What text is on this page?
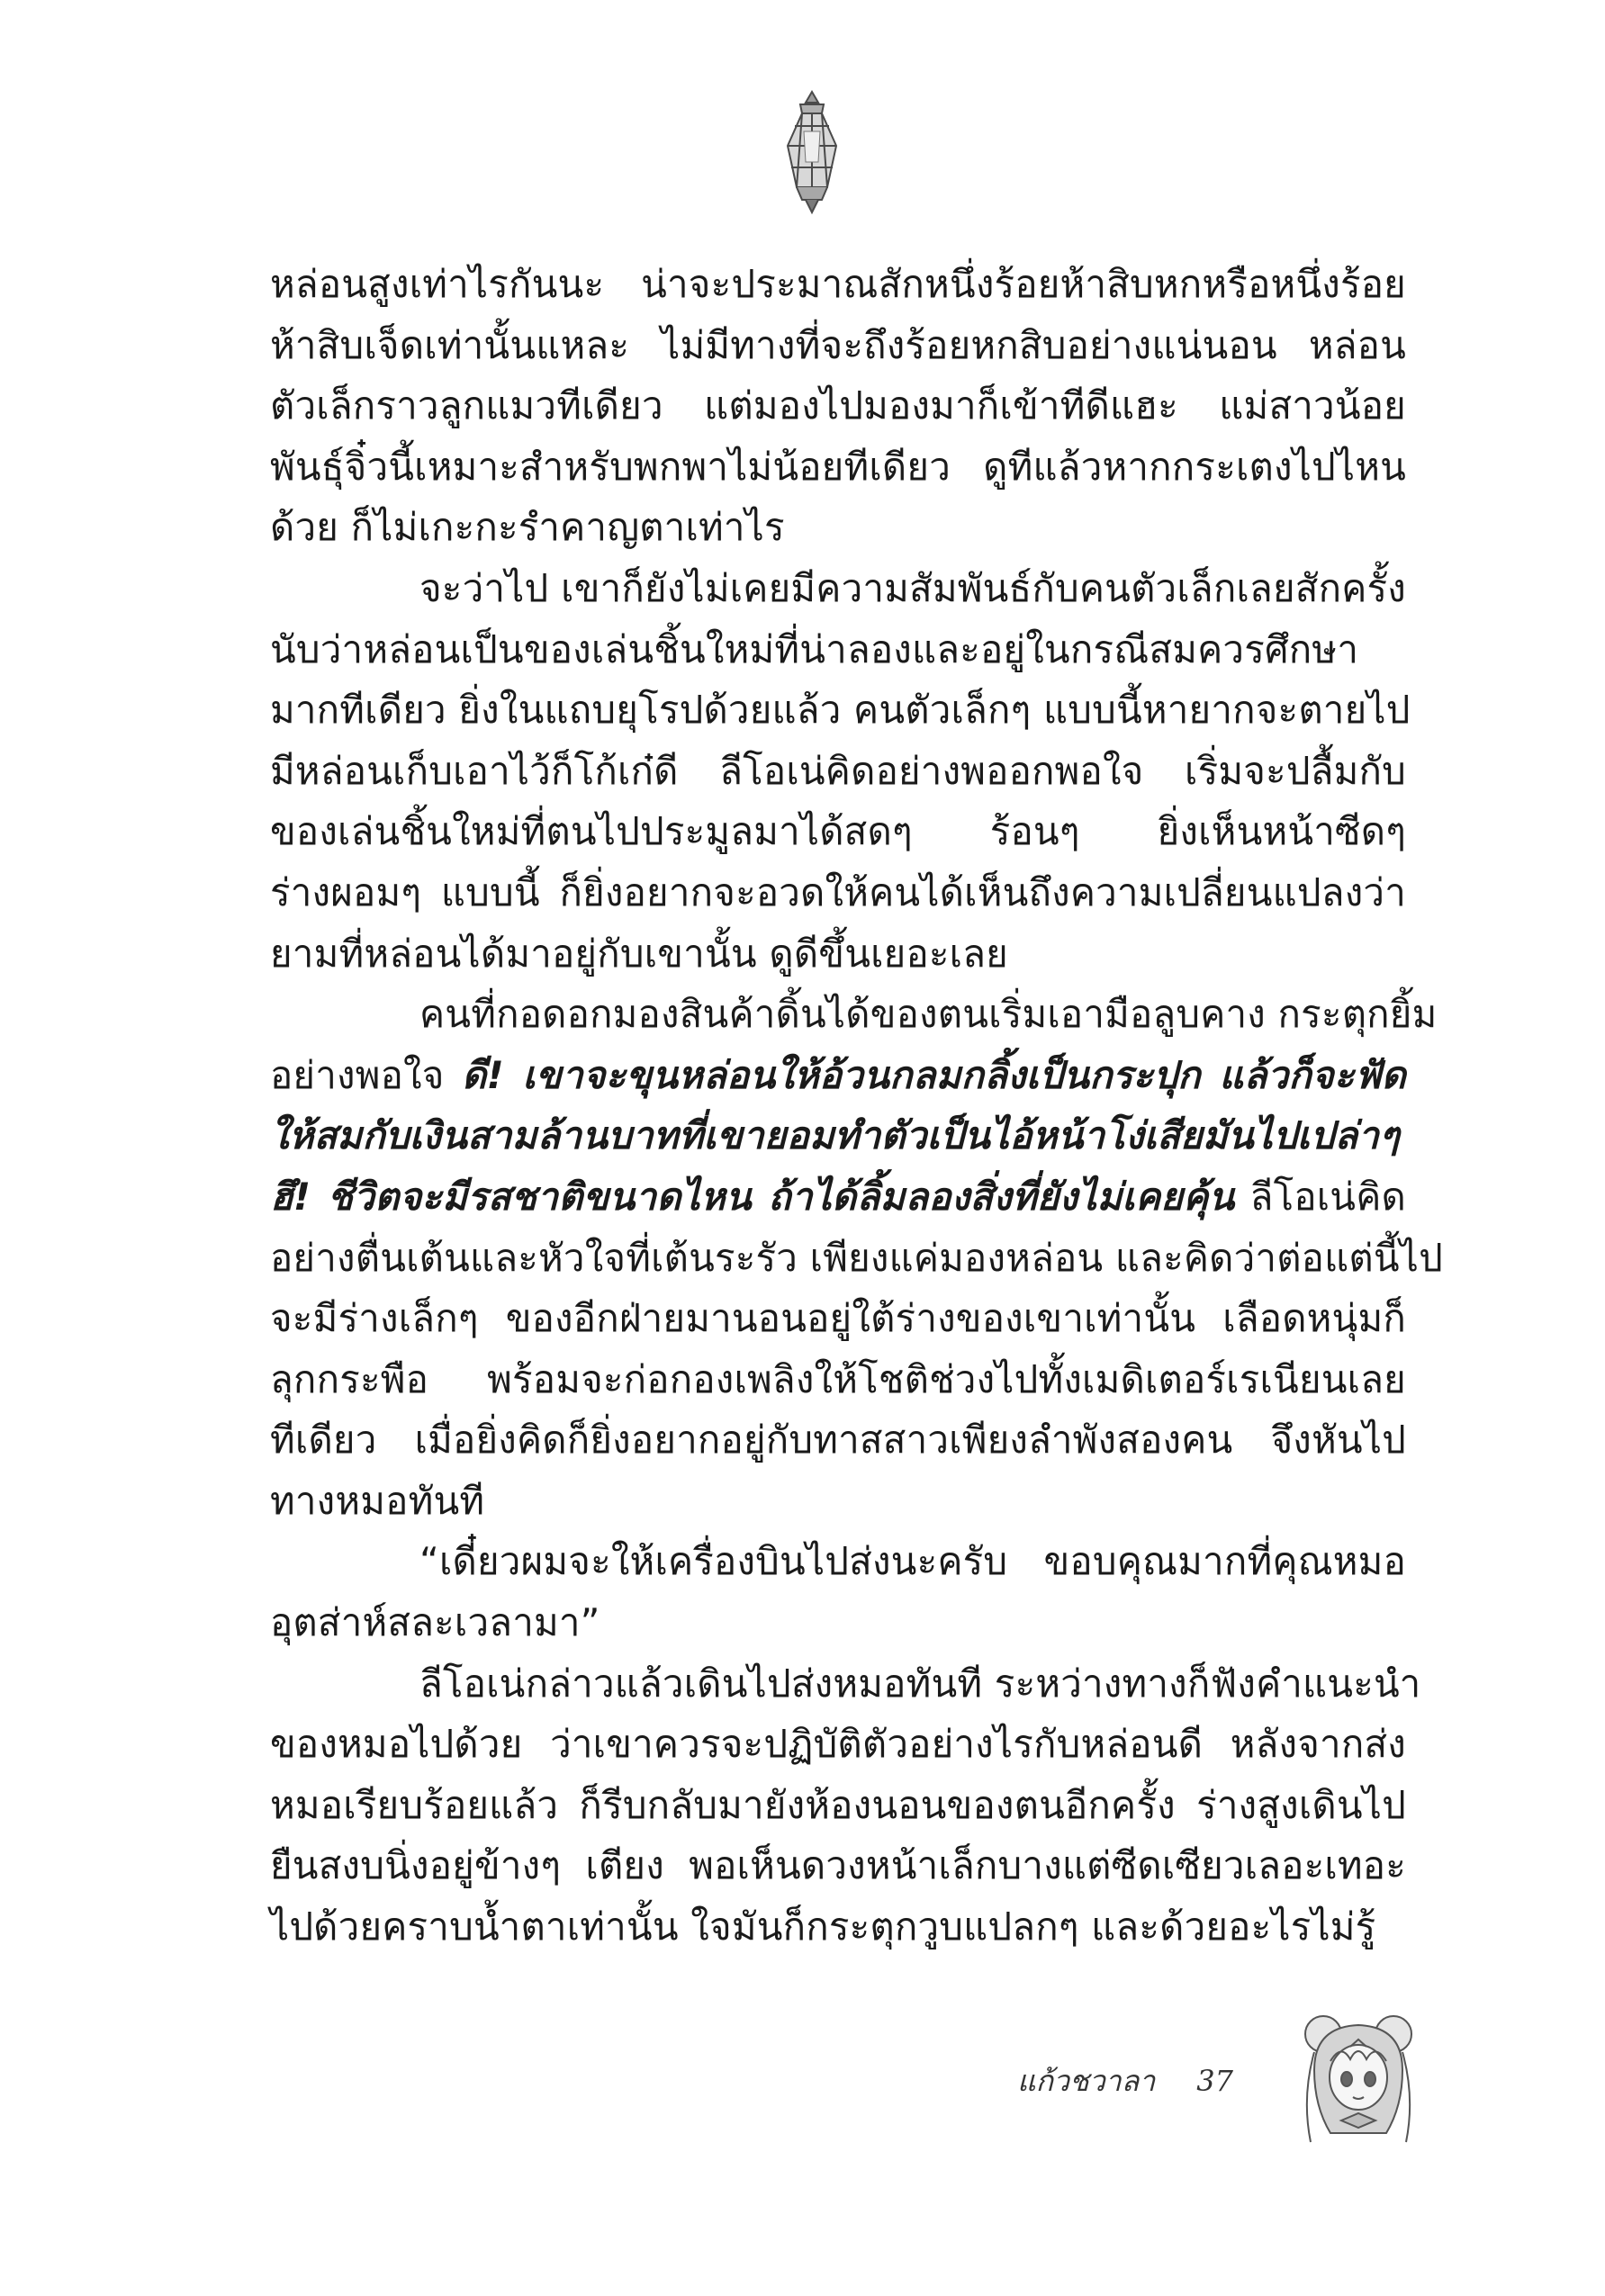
หล่อนสูงเท่าไรกันนะ น่าจะประมาณสักหนึ่งร้อยห้าสิบหกหรือหนึ่งร้อย
ห้าสิบเจ็ดเท่านั้นแหละ ไม่มีทางที่จะถึงร้อยหกสิบอย่างแน่นอน หล่อน
ตัวเล็กราวลูกแมวทีเดียว แต่มองไปมองมาก็เข้าทีดีแฮะ แม่สาวน้อย
พันธุ์จิ๋วนี้เหมาะสำหรับพกพาไม่น้อยทีเดียว ดูทีแล้วหากกระเตงไปไหน
ด้วย ก็ไม่เกะกะรำคาญตาเท่าไร
จะว่าไป เขาก็ยังไม่เคยมีความสัมพันธ์กับคนตัวเล็กเลยสักครั้ง
นับว่าหล่อนเป็นของเล่นชิ้นใหม่ที่น่าลองและอยู่ในกรณีสมควรศึกษา
มากทีเดียว ยิ่งในแถบยุโรปด้วยแล้ว คนตัวเล็กๆ แบบนี้หายากจะตายไป
มีหล่อนเก็บเอาไว้ก็โก้เก๋ดี ลีโอเน่คิดอย่างพออกพอใจ เริ่มจะปลื้มกับ
ของเล่นชิ้นใหม่ที่ตนไปประมูลมาได้สดๆ ร้อนๆ ยิ่งเห็นหน้าซีดๆ
ร่างผอมๆ แบบนี้ ก็ยิ่งอยากจะอวดให้คนได้เห็นถึงความเปลี่ยนแปลงว่า
ยามที่หล่อนได้มาอยู่กับเขานั้น ดูดีขึ้นเยอะเลย
คนที่กอดอกมองสินค้าดิ้นได้ของตนเริ่มเอามือลูบคาง กระตุกยิ้ม
อย่างพอใจ ดี! เขาจะขุนหล่อนให้อ้วนกลมกลิ้งเป็นกระปุก แล้วก็จะฟัด
ให้สมกับเงินสามล้านบาทที่เขายอมทำตัวเป็นไอ้หน้าโง่เสียมันไปเปล่าๆ
ฮึ! ชีวิตจะมีรสชาติขนาดไหน ถ้าได้ลิ้มลองสิ่งที่ยังไม่เคยคุ้น ลีโอเน่คิด
อย่างตื่นเต้นและหัวใจที่เต้นระรัว เพียงแค่มองหล่อน และคิดว่าต่อแต่นี้ไป
จะมีร่างเล็กๆ ของอีกฝ่ายมานอนอยู่ใต้ร่างของเขาเท่านั้น เลือดหนุ่มก็
ลุกกระพือ พร้อมจะก่อกองเพลิงให้โชติช่วงไปทั้งเมดิเตอร์เรเนียนเลย
ทีเดียว เมื่อยิ่งคิดก็ยิ่งอยากอยู่กับทาสสาวเพียงลำพังสองคน จึงหันไป
ทางหมอทันที
“เดี๋ยวผมจะให้เครื่องบินไปส่งนะครับ ขอบคุณมากที่คุณหมอ
อุตส่าห์สละเวลามา”
ลีโอเน่กล่าวแล้วเดินไปส่งหมอทันที ระหว่างทางก็ฟังคำแนะนำ
ของหมอไปด้วย ว่าเขาควรจะปฏิบัติตัวอย่างไรกับหล่อนดี หลังจากส่ง
หมอเรียบร้อยแล้ว ก็รีบกลับมายังห้องนอนของตนอีกครั้ง ร่างสูงเดินไป
ยืนสงบนิ่งอยู่ข้างๆ เตียง พอเห็นดวงหน้าเล็กบางแต่ซีดเซียวเลอะเทอะ
ไปด้วยคราบน้ำตาเท่านั้น ใจมันก็กระตุกวูบแปลกๆ และด้วยอะไรไม่รู้
แก้วชวาลา 37
